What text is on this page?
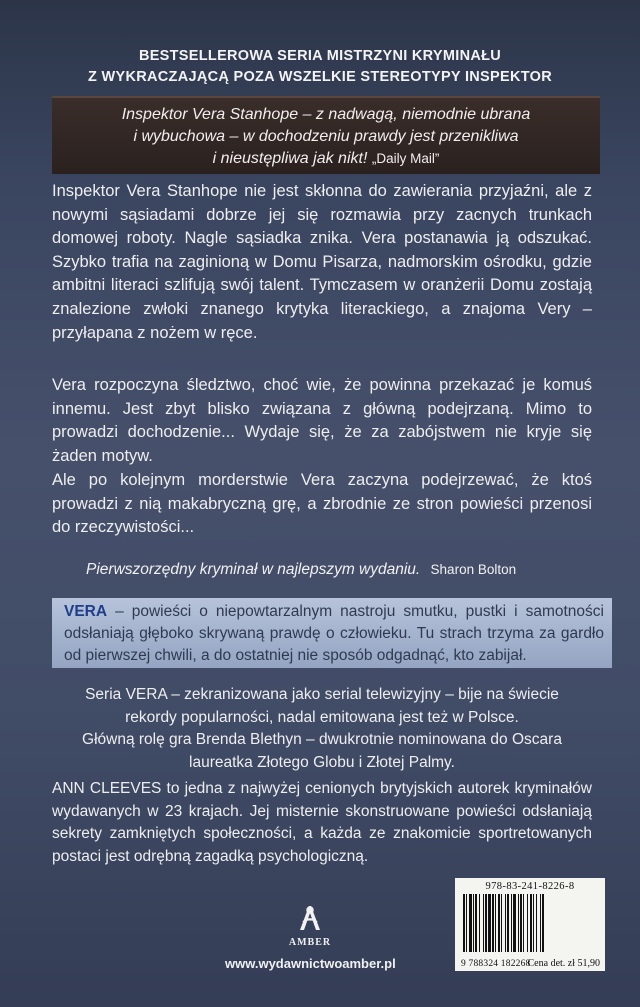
BESTSELLEROWA SERIA MISTRZYNI KRYMINAŁU
Z WYKRACZAJĄCĄ POZA WSZELKIE STEREOTYPY INSPEKTOR
Inspektor Vera Stanhope – z nadwagą, niemodnie ubrana
i wybuchowa – w dochodzeniu prawdy jest przenikliwa
i nieustępliwa jak nikt! „Daily Mail”
Inspektor Vera Stanhope nie jest skłonna do zawierania przyjaźni, ale z nowymi sąsiadami dobrze jej się rozmawia przy zacnych trunkach domowej roboty. Nagle sąsiadka znika. Vera postanawia ją odszukać. Szybko trafia na zaginioną w Domu Pisarza, nadmorskim ośrodku, gdzie ambitni literaci szlifują swój talent. Tymczasem w oranżerii Domu zostają znalezione zwłoki znanego krytyka literackiego, a znajoma Very – przyłapana z nożem w ręce.
Vera rozpoczyna śledztwo, choć wie, że powinna przekazać je komuś innemu. Jest zbyt blisko związana z główną podejrzaną. Mimo to prowadzi dochodzenie... Wydaje się, że za zabójstwem nie kryje się żaden motyw.
Ale po kolejnym morderstwie Vera zaczyna podejrzewać, że ktoś prowadzi z nią makabryczną grę, a zbrodnie ze stron powieści przenosi do rzeczywistości...
Pierwszorzędny kryminał w najlepszym wydaniu. Sharon Bolton
VERA – powieści o niepowtarzalnym nastroju smutku, pustki i samotności odsłaniają głęboko skrywaną prawdę o człowieku. Tu strach trzyma za gardło od pierwszej chwili, a do ostatniej nie sposób odgadnąć, kto zabijał.
Seria VERA – zekranizowana jako serial telewizyjny – bije na świecie
rekordy popularności, nadal emitowana jest też w Polsce.
Główną rolę gra Brenda Blethyn – dwukrotnie nominowana do Oscara
laureatka Złotego Globu i Złotej Palmy.
ANN CLEEVES to jedna z najwyżej cenionych brytyjskich autorek kryminałów wydawanych w 23 krajach. Jej misternie skonstruowane powieści odsłaniają sekrety zamkniętych społeczności, a każda ze znakomicie sportretowanych postaci jest odrębną zagadką psychologiczną.
AMBER
www.wydawnictwoamber.pl
978-83-241-8226-8
9 788324 182268
Cena det. zł 51,90
